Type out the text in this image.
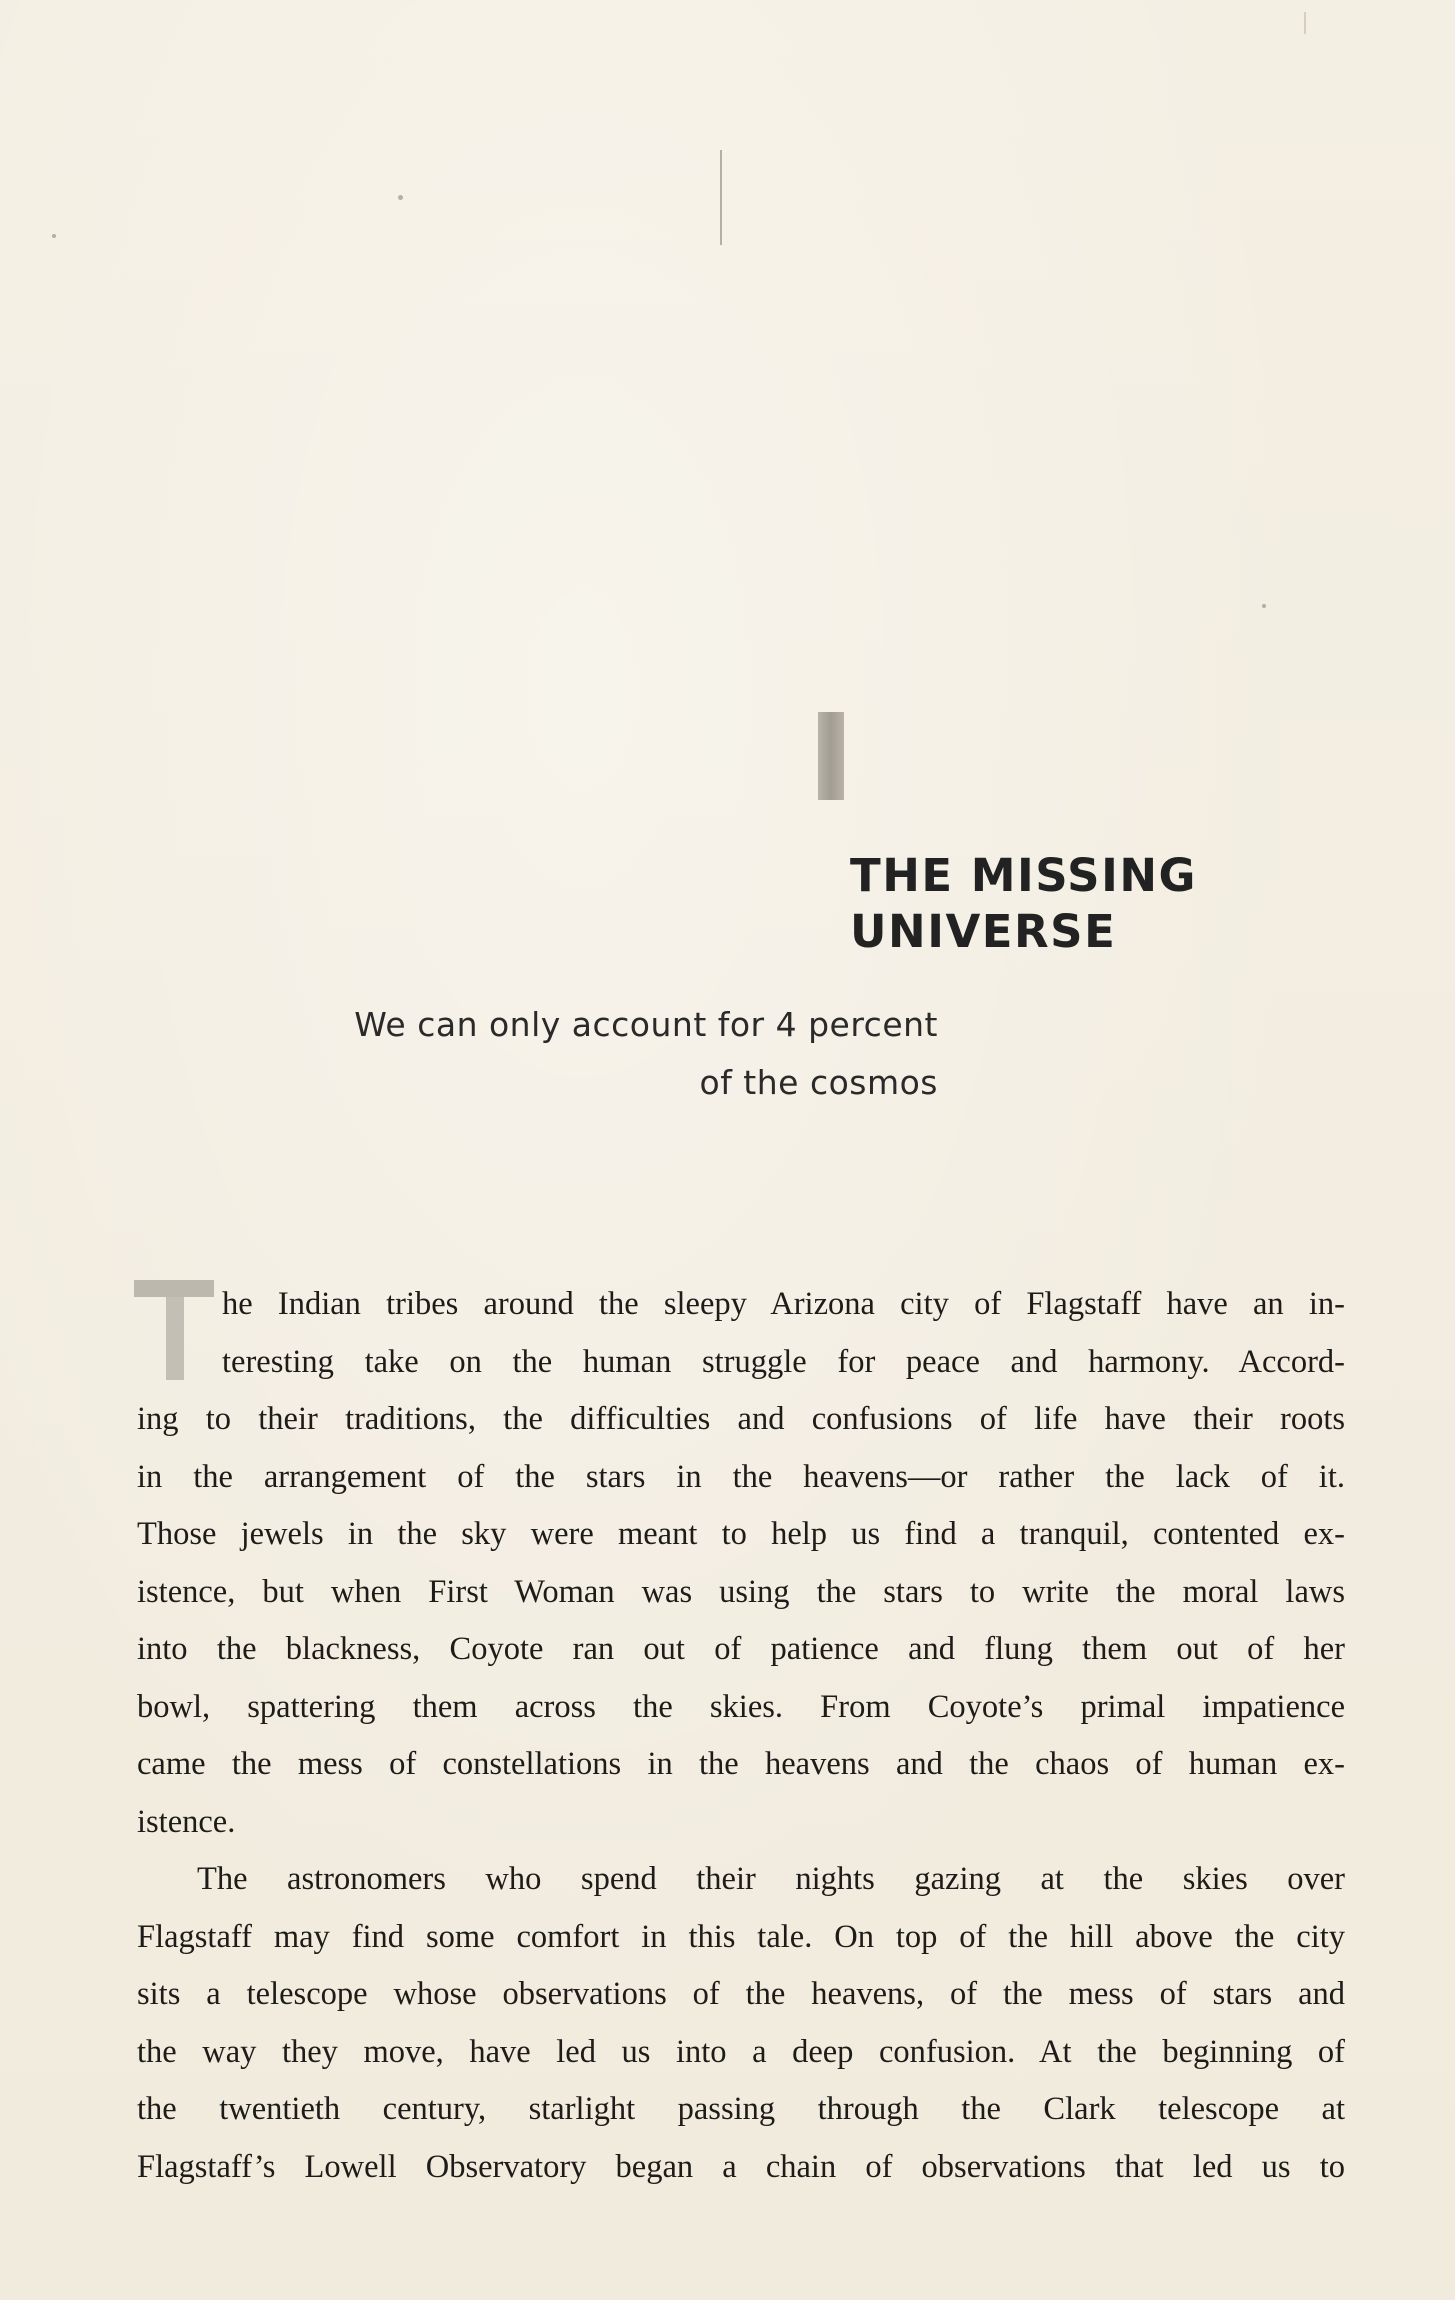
THE MISSING
UNIVERSE

We can only account for 4 percent
of the cosmos

he Indian tribes around the sleepy Arizona city of Flagstaff have an in-
teresting take on the human struggle for peace and harmony. Accord-
ing to their traditions, the difficulties and confusions of life have their roots
in the arrangement of the stars in the heavens—or rather the lack of it.
Those jewels in the sky were meant to help us find a tranquil, contented ex-
istence, but when First Woman was using the stars to write the moral laws
into the blackness, Coyote ran out of patience and flung them out of her
bowl, spattering them across the skies. From Coyote’s primal impatience
came the mess of constellations in the heavens and the chaos of human ex-
istence.
The astronomers who spend their nights gazing at the skies over
Flagstaff may find some comfort in this tale. On top of the hill above the city
sits a telescope whose observations of the heavens, of the mess of stars and
the way they move, have led us into a deep confusion. At the beginning of
the twentieth century, starlight passing through the Clark telescope at
Flagstaff’s Lowell Observatory began a chain of observations that led us to
